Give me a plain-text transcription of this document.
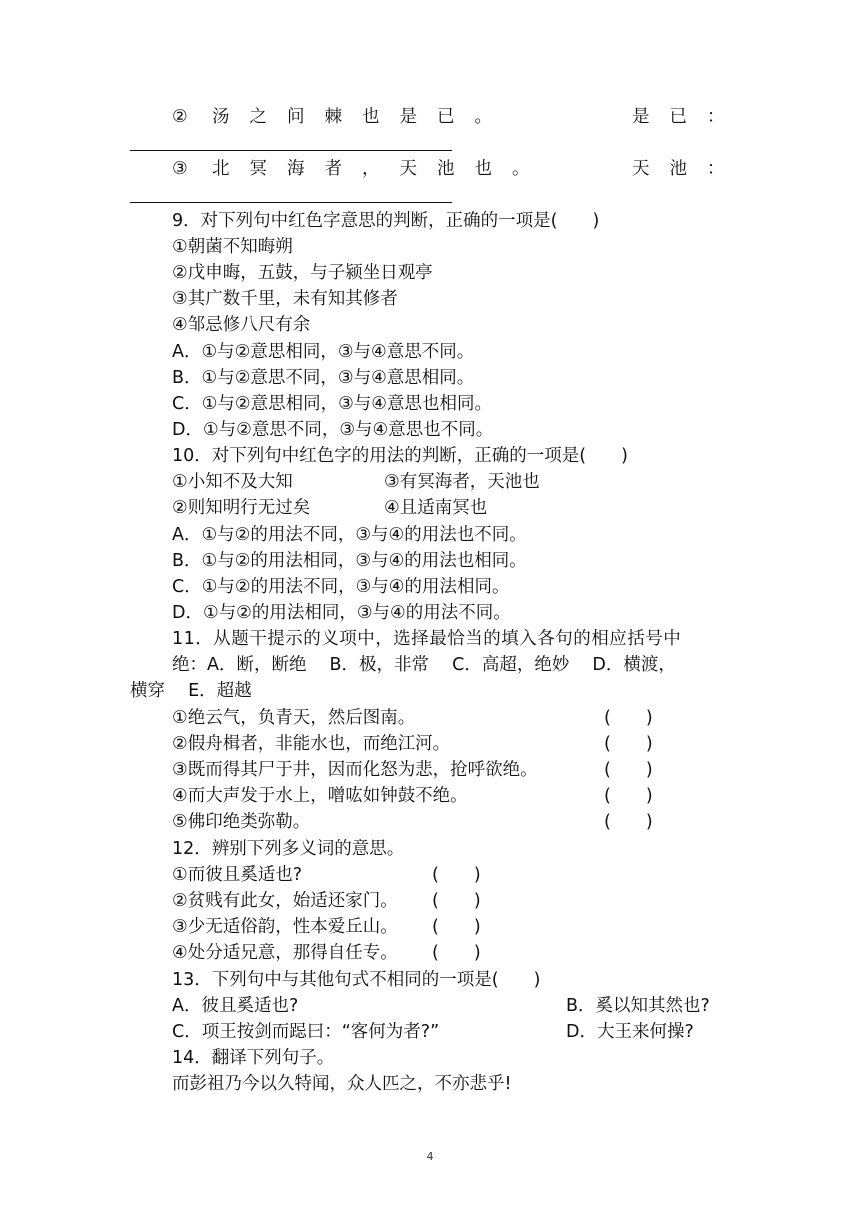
② 汤之问棘也是已。	是已：
③ 北冥海者，天池也。	天池：
9．对下列句中红色字意思的判断，正确的一项是(　　)
①朝菌不知晦朔
②戊申晦，五鼓，与子颍坐日观亭
③其广数千里，未有知其修者
④邹忌修八尺有余
A．①与②意思相同，③与④意思不同。
B．①与②意思不同，③与④意思相同。
C．①与②意思相同，③与④意思也相同。
D．①与②意思不同，③与④意思也不同。
10．对下列句中红色字的用法的判断，正确的一项是(　　)
①小知不及大知	③有冥海者，天池也
②则知明行无过矣	④且适南冥也
A．①与②的用法不同，③与④的用法也不同。
B．①与②的用法相同，③与④的用法也相同。
C．①与②的用法不同，③与④的用法相同。
D．①与②的用法相同，③与④的用法不同。
11．从题干提示的义项中，选择最恰当的填入各句的相应括号中
绝：A．断，断绝　 B．极，非常　 C．高超，绝妙　 D．横渡，
横穿　 E．超越
①绝云气，负青天，然后图南。	(　　)
②假舟楫者，非能水也，而绝江河。	(　　)
③既而得其尸于井，因而化怒为悲，抢呼欲绝。	(　　)
④而大声发于水上，噌吰如钟鼓不绝。	(　　)
⑤佛印绝类弥勒。	(　　)
12．辨别下列多义词的意思。
①而彼且奚适也?	(　　)
②贫贱有此女，始适还家门。 (　　)
③少无适俗韵，性本爱丘山。 (　　)
④处分适兄意，那得自任专。 (　　)
13．下列句中与其他句式不相同的一项是(　　)
A．彼且奚适也?	B．奚以知其然也?
C．项王按剑而跽曰：“客何为者?”	D．大王来何操?
14．翻译下列句子。
而彭祖乃今以久特闻，众人匹之，不亦悲乎!
4
